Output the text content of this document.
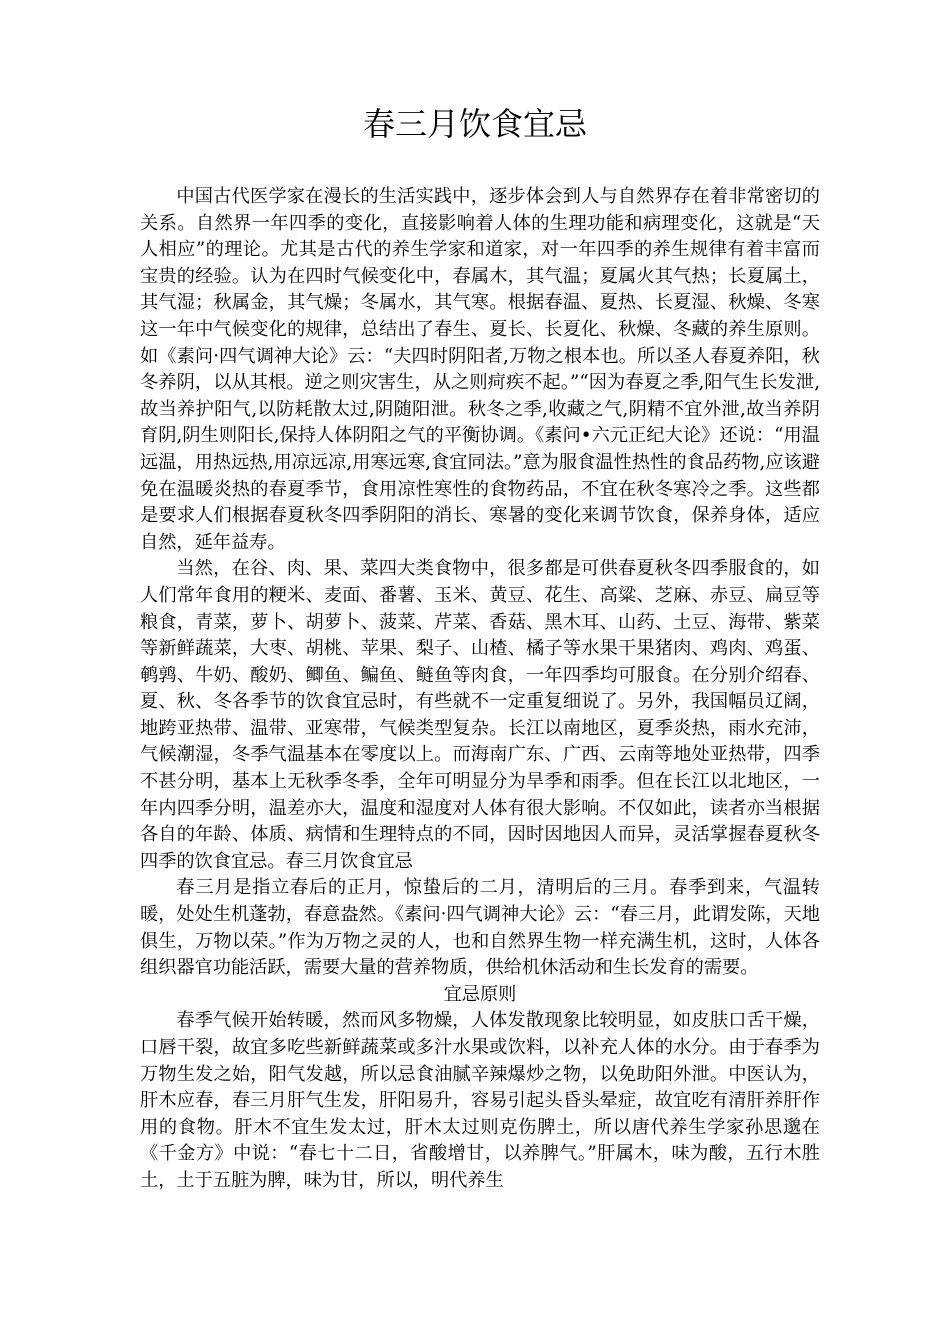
春三月饮食宜忌

中国古代医学家在漫长的生活实践中，逐步体会到人与自然界存在着非常密切的关系。自然界一年四季的变化，直接影响着人体的生理功能和病理变化，这就是“天人相应”的理论。尤其是古代的养生学家和道家，对一年四季的养生规律有着丰富而宝贵的经验。认为在四时气候变化中，春属木，其气温；夏属火其气热；长夏属土，其气湿；秋属金，其气燥；冬属水，其气寒。根据春温、夏热、长夏湿、秋燥、冬寒这一年中气候变化的规律，总结出了春生、夏长、长夏化、秋燥、冬藏的养生原则。如《素问·四气调神大论》云：“夫四时阴阳者,万物之根本也。所以圣人春夏养阳，秋冬养阴，以从其根。逆之则灾害生，从之则疴疾不起。”“因为春夏之季,阳气生长发泄,故当养护阳气,以防耗散太过,阴随阳泄。秋冬之季,收藏之气,阴精不宜外泄,故当养阴育阴,阴生则阳长,保持人体阴阳之气的平衡协调。《素问•六元正纪大论》还说：“用温远温，用热远热,用凉远凉,用寒远寒,食宜同法。”意为服食温性热性的食品药物,应该避免在温暖炎热的春夏季节，食用凉性寒性的食物药品，不宜在秋冬寒冷之季。这些都是要求人们根据春夏秋冬四季阴阳的消长、寒暑的变化来调节饮食，保养身体，适应自然，延年益寿。

当然，在谷、肉、果、菜四大类食物中，很多都是可供春夏秋冬四季服食的，如人们常年食用的粳米、麦面、番薯、玉米、黄豆、花生、高粱、芝麻、赤豆、扁豆等粮食，青菜，萝卜、胡萝卜、菠菜、芹菜、香菇、黑木耳、山药、土豆、海带、紫菜等新鲜蔬菜，大枣、胡桃、苹果、梨子、山楂、橘子等水果干果猪肉、鸡肉、鸡蛋、鹌鹑、牛奶、酸奶、鲫鱼、鳊鱼、鲢鱼等肉食，一年四季均可服食。在分别介绍春、夏、秋、冬各季节的饮食宜忌时，有些就不一定重复细说了。另外，我国幅员辽阔，地跨亚热带、温带、亚寒带，气候类型复杂。长江以南地区，夏季炎热，雨水充沛，气候潮湿，冬季气温基本在零度以上。而海南广东、广西、云南等地处亚热带，四季不甚分明，基本上无秋季冬季，全年可明显分为旱季和雨季。但在长江以北地区，一年内四季分明，温差亦大，温度和湿度对人体有很大影响。不仅如此，读者亦当根据各自的年龄、体质、病情和生理特点的不同，因时因地因人而异，灵活掌握春夏秋冬四季的饮食宜忌。春三月饮食宜忌

春三月是指立春后的正月，惊蛰后的二月，清明后的三月。春季到来，气温转暖，处处生机蓬勃，春意盎然。《素问·四气调神大论》云：“春三月，此谓发陈，天地俱生，万物以荣。”作为万物之灵的人，也和自然界生物一样充满生机，这时，人体各组织器官功能活跃，需要大量的营养物质，供给机休活动和生长发育的需要。

宜忌原则

春季气候开始转暖，然而风多物燥，人体发散现象比较明显，如皮肤口舌干燥，口唇干裂，故宜多吃些新鲜蔬菜或多汁水果或饮料，以补充人体的水分。由于春季为万物生发之始，阳气发越，所以忌食油腻辛辣爆炒之物，以免助阳外泄。中医认为，肝木应春，春三月肝气生发，肝阳易升，容易引起头昏头晕症，故宜吃有清肝养肝作用的食物。肝木不宜生发太过，肝木太过则克伤脾土，所以唐代养生学家孙思邈在《千金方》中说：“春七十二日，省酸增甘，以养脾气。”肝属木，味为酸，五行木胜土，土于五脏为脾，味为甘，所以，明代养生
